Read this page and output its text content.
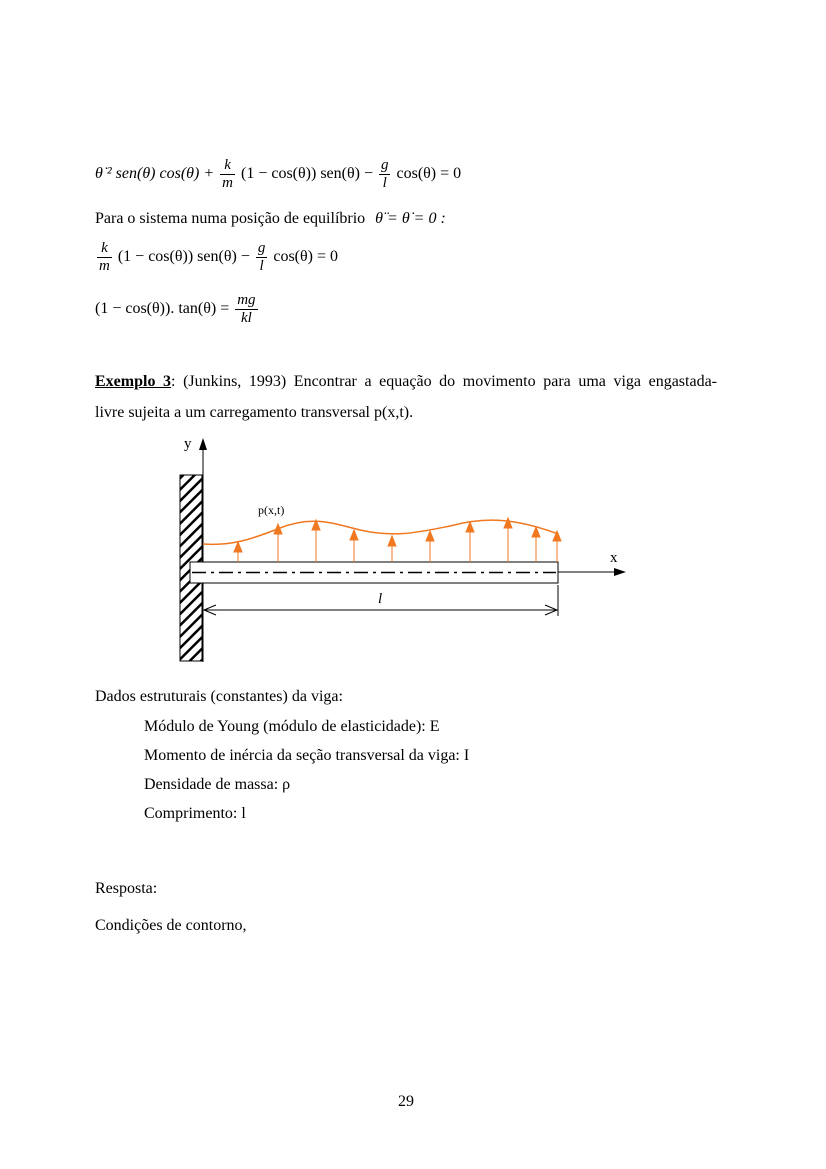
θ̇ ² sen(θ) $\cos(\theta) + \frac{k}{m} (1 - \cos(\theta)) sen(\theta) - \frac{g}{l} \cos(\theta) = 0$
Para o sistema numa posição de equilíbrio θ̈ = θ̇ = 0 :
$\frac{k}{m} (1 - \cos(\theta)) sen(\theta) - \frac{g}{l} \cos(\theta) = 0$
(1 − cos(θ)). $\tan(\theta) = \frac{mg}{kl}$
Exemplo 3: (Junkins, 1993) Encontrar a equação do movimento para uma viga engastada-
livre sujeita a um carregamento transversal p(x,t).
y
x
p(x,t)
l
Dados estruturais (constantes) da viga:
Módulo de Young (módulo de elasticidade): E
Momento de inércia da seção transversal da viga: I
Densidade de massa: ρ
Comprimento: l
Resposta:
Condições de contorno,
29
